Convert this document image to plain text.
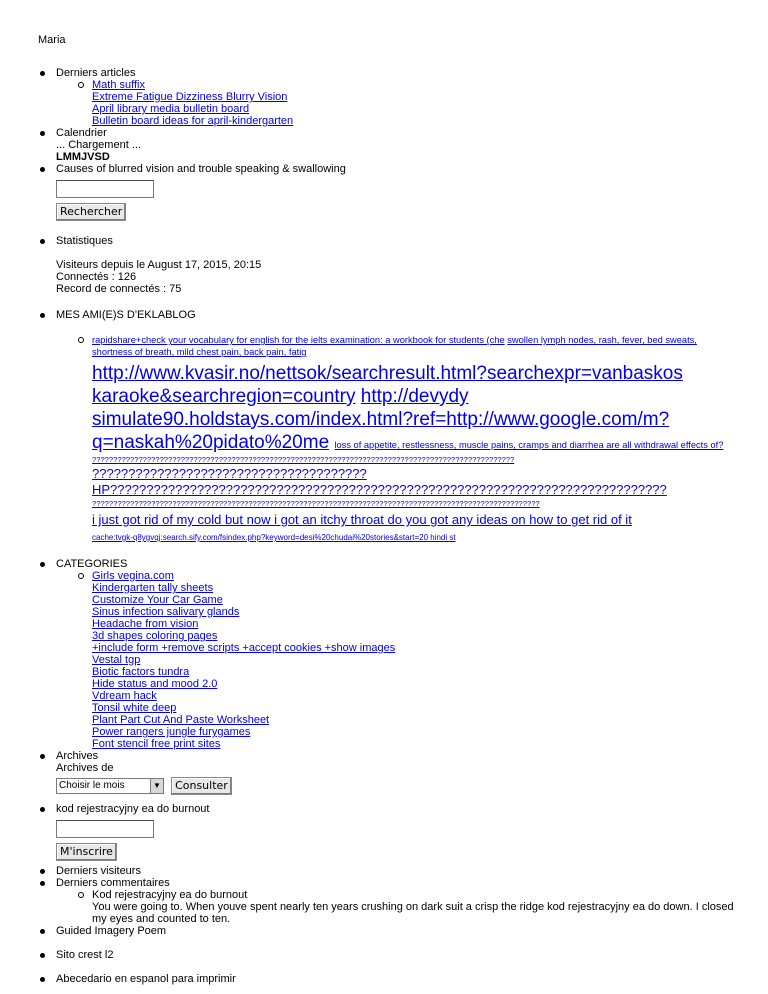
Maria
Derniers articles
Math suffix
Extreme Fatigue Dizziness Blurry Vision
April library media bulletin board
Bulletin board ideas for april-kindergarten
Calendrier
... Chargement ...
LMMJVSD
Causes of blurred vision and trouble speaking & swallowing
Rechercher
Statistiques
Visiteurs depuis le August 17, 2015, 20:15
Connectés : 126
Record de connectés : 75
MES AMI(E)S D'EKLABLOG
rapidshare+check your vocabulary for english for the ielts examination: a workbook for students (che swollen lymph nodes, rash, fever, bed sweats, shortness of breath, mild chest pain, back pain, fatig
http://www.kvasir.no/nettsok/searchresult.html?searchexpr=vanbaskos karaoke&searchregion=country http://devydy simulate90.holdstays.com/index.html?ref=http://www.google.com/m?q=naskah%20pidato%20me loss of appetite, restlessness, muscle pains, cramps and diarrhea are all withdrawal effects of?
????????????????????????????????????????????????????????????????????????????????????????????????????
??????????????????????????????????????
HP?????????????????????????????????????????????????????????????????????????????
??????????????????????????????????????????????????????????????????????????????????????????????????????????
i just got rid of my cold but now i got an itchy throat do you got any ideas on how to get rid of it
cache:tvgk-q8ygvqj:search.sify.com/fsindex.php?keyword=desi%20chudai%20stories&start=20 hindi st
CATEGORIES
Girls vegina.com
Kindergarten tally sheets
Customize Your Car Game
Sinus infection salivary glands
Headache from vision
3d shapes coloring pages
+include form +remove scripts +accept cookies +show images
Vestal tgp
Biotic factors tundra
Hide status and mood 2.0
Vdream hack
Tonsil white deep
Plant Part Cut And Paste Worksheet
Power rangers jungle furygames
Font stencil free print sites
Archives
Archives de
Choisir le mois	▼ Consulter
kod rejestracyjny ea do burnout
M'inscrire
Derniers visiteurs
Derniers commentaires
Kod rejestracyjny ea do burnout
You were going to. When youve spent nearly ten years crushing on dark suit a crisp the ridge kod rejestracyjny ea do down. I closed my eyes and counted to ten.
Guided Imagery Poem
Sito crest l2
Abecedario en espanol para imprimir
